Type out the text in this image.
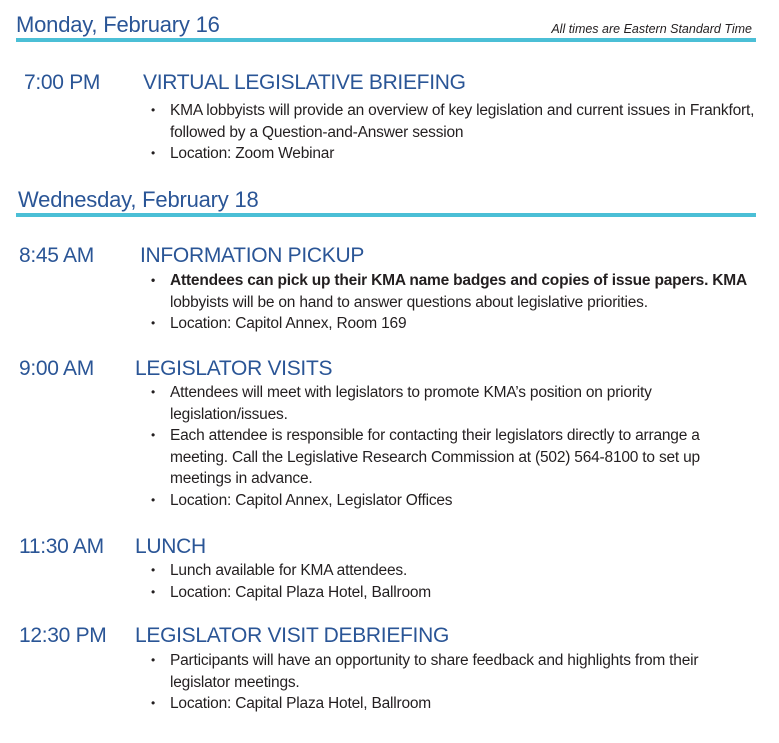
Monday, February 16	All times are Eastern Standard Time
7:00 PM VIRTUAL LEGISLATIVE BRIEFING
• KMA lobbyists will provide an overview of key legislation and current issues in Frankfort, followed by a Question-and-Answer session
• Location: Zoom Webinar
Wednesday, February 18
8:45 AM INFORMATION PICKUP
• Attendees can pick up their KMA name badges and copies of issue papers. KMA
lobbyists will be on hand to answer questions about legislative priorities.
• Location: Capitol Annex, Room 169
9:00 AM LEGISLATOR VISITS
• Attendees will meet with legislators to promote KMA’s position on priority legislation/issues.
• Each attendee is responsible for contacting their legislators directly to arrange a meeting. Call the Legislative Research Commission at (502) 564-8100 to set up meetings in advance.
• Location: Capitol Annex, Legislator Offices
11:30 AM LUNCH
• Lunch available for KMA attendees.
• Location: Capital Plaza Hotel, Ballroom
12:30 PM LEGISLATOR VISIT DEBRIEFING
• Participants will have an opportunity to share feedback and highlights from their legislator meetings.
• Location: Capital Plaza Hotel, Ballroom
